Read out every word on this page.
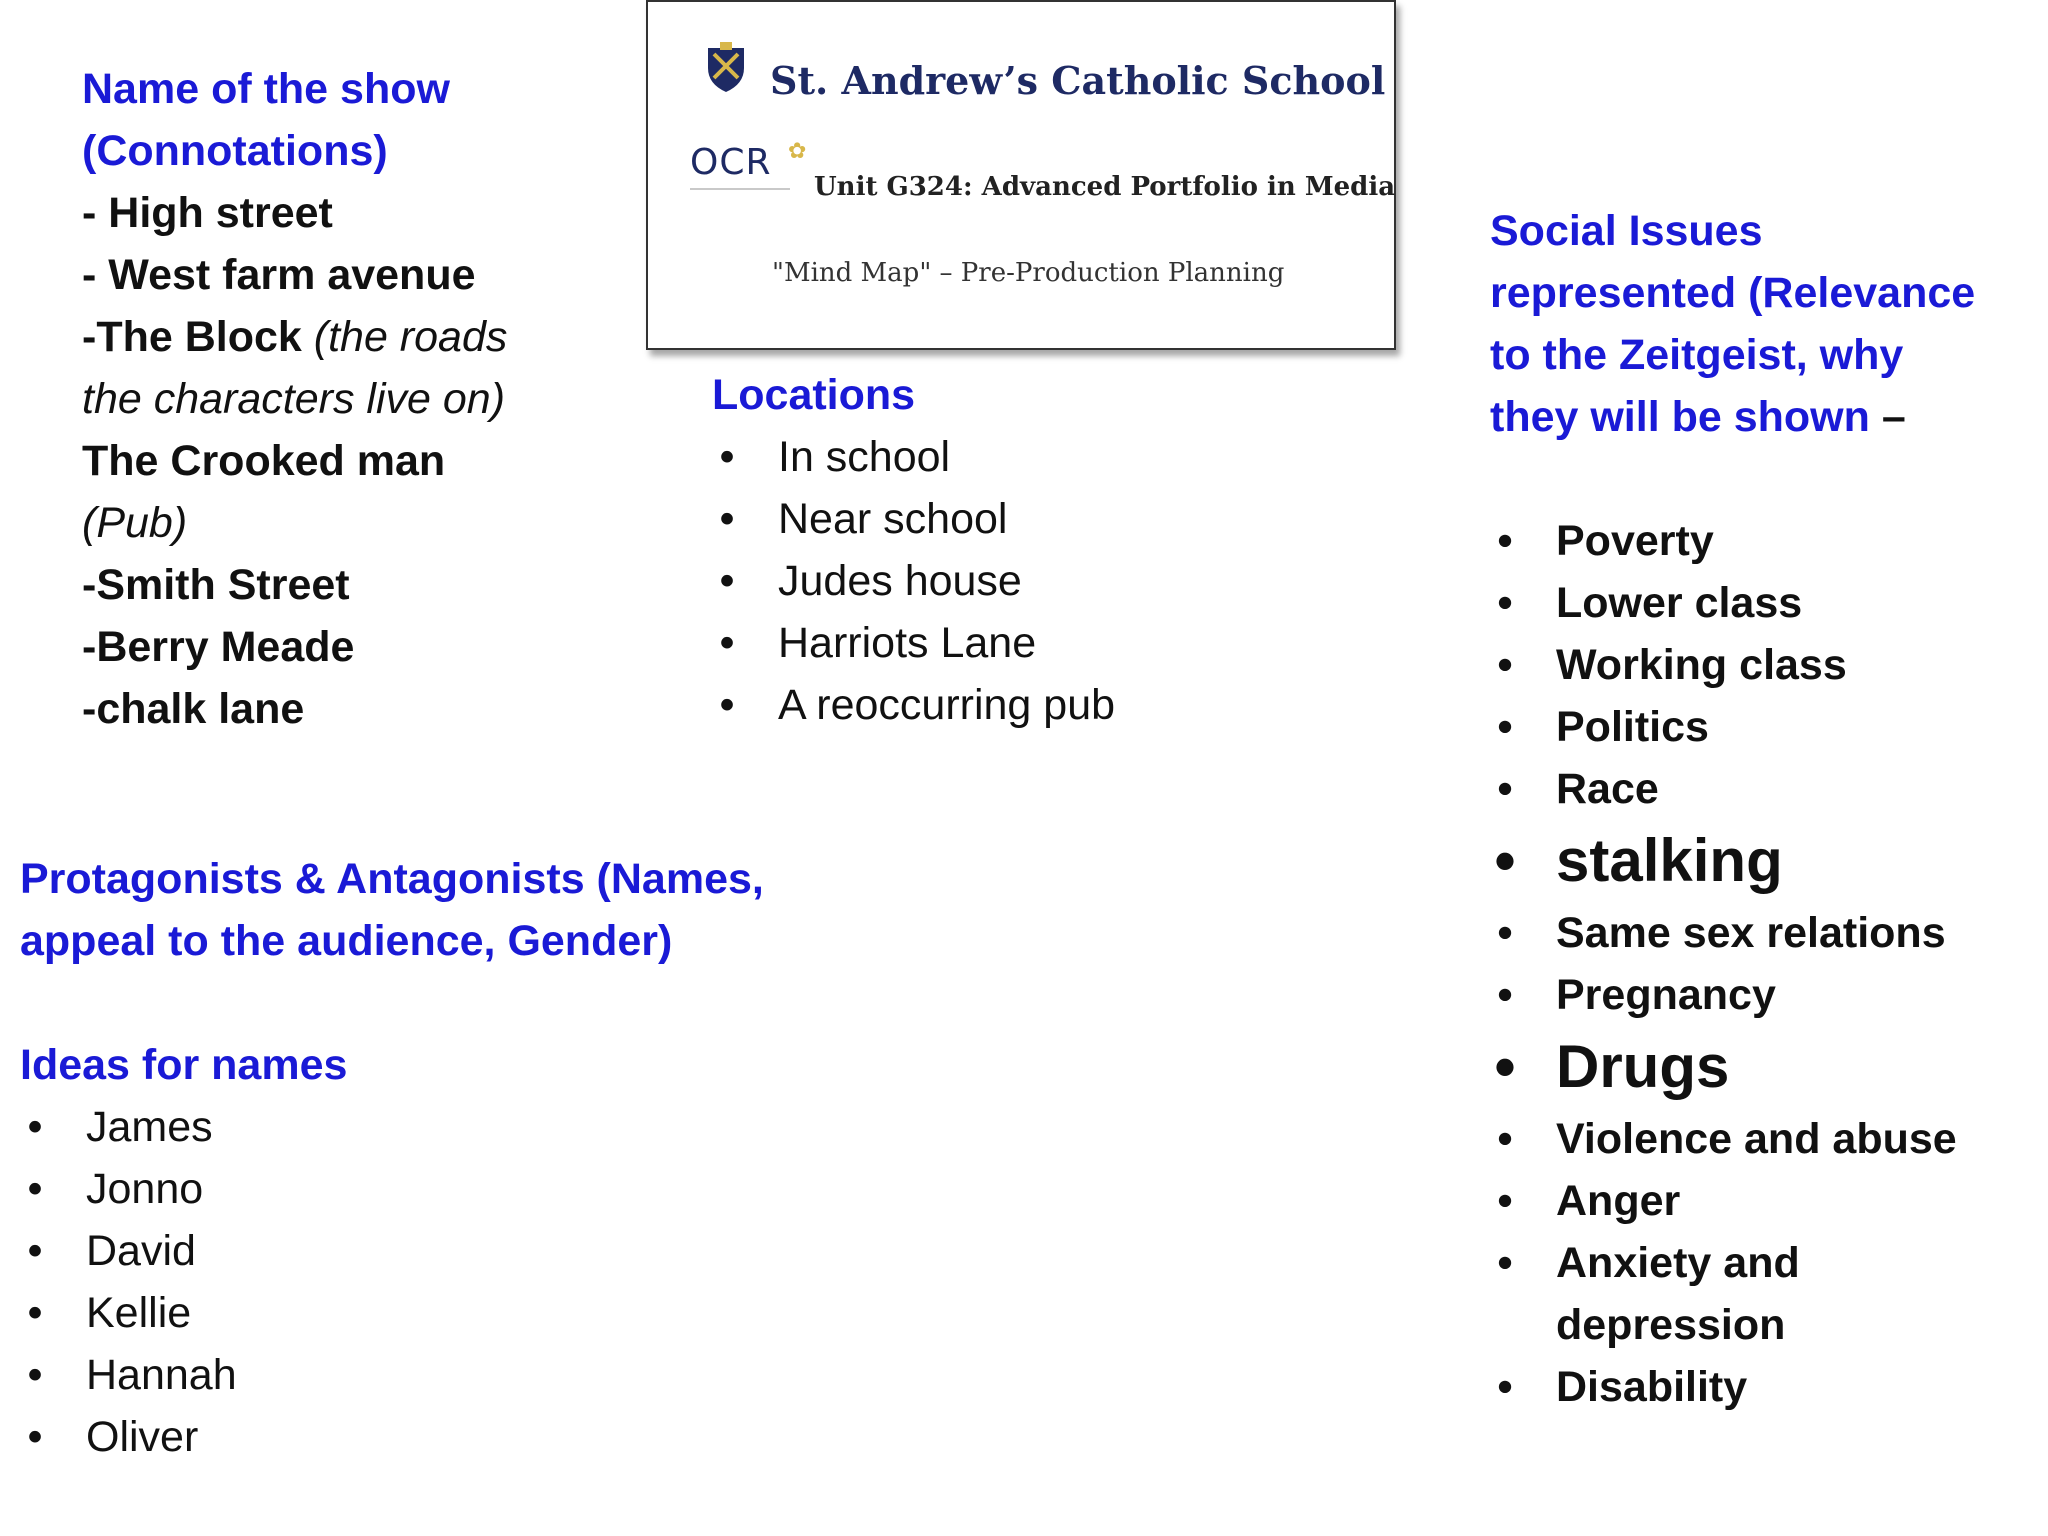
Name of the show
(Connotations)
- High street
- West farm avenue
-The Block (the roads
the characters live on)
The Crooked man
(Pub)
-Smith Street
-Berry Meade
-chalk lane
St. Andrew’s Catholic School
OCR ✿
Unit G324: Advanced Portfolio in Media
"Mind Map" – Pre-Production Planning
Locations
• In school
• Near school
• Judes house
• Harriots Lane
• A reoccurring pub
Social Issues
represented (Relevance
to the Zeitgeist, why
they will be shown –
• Poverty
• Lower class
• Working class
• Politics
• Race
• stalking
• Same sex relations
• Pregnancy
• Drugs
• Violence and abuse
• Anger
• Anxiety and depression
• Disability
Protagonists & Antagonists (Names,
appeal to the audience, Gender)
Ideas for names
• James
• Jonno
• David
• Kellie
• Hannah
• Oliver
